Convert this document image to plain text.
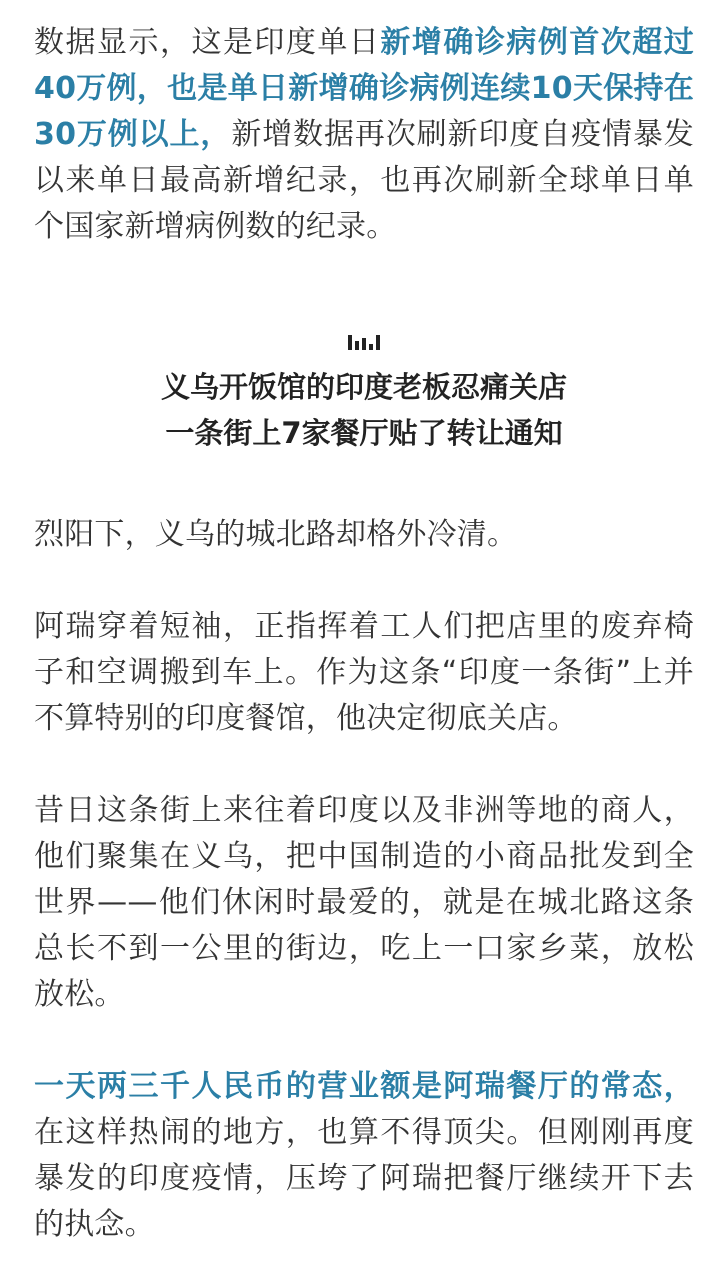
数据显示，这是印度单日新增确诊病例首次超过40万例，也是单日新增确诊病例连续10天保持在30万例以上，新增数据再次刷新印度自疫情暴发以来单日最高新增纪录，也再次刷新全球单日单个国家新增病例数的纪录。

义乌开饭馆的印度老板忍痛关店

一条街上7家餐厅贴了转让通知

烈阳下，义乌的城北路却格外冷清。

阿瑞穿着短袖，正指挥着工人们把店里的废弃椅子和空调搬到车上。作为这条“印度一条街”上并不算特别的印度餐馆，他决定彻底关店。

昔日这条街上来往着印度以及非洲等地的商人，他们聚集在义乌，把中国制造的小商品批发到全世界——他们休闲时最爱的，就是在城北路这条总长不到一公里的街边，吃上一口家乡菜，放松放松。

一天两三千人民币的营业额是阿瑞餐厅的常态，在这样热闹的地方，也算不得顶尖。但刚刚再度暴发的印度疫情，压垮了阿瑞把餐厅继续开下去的执念。
